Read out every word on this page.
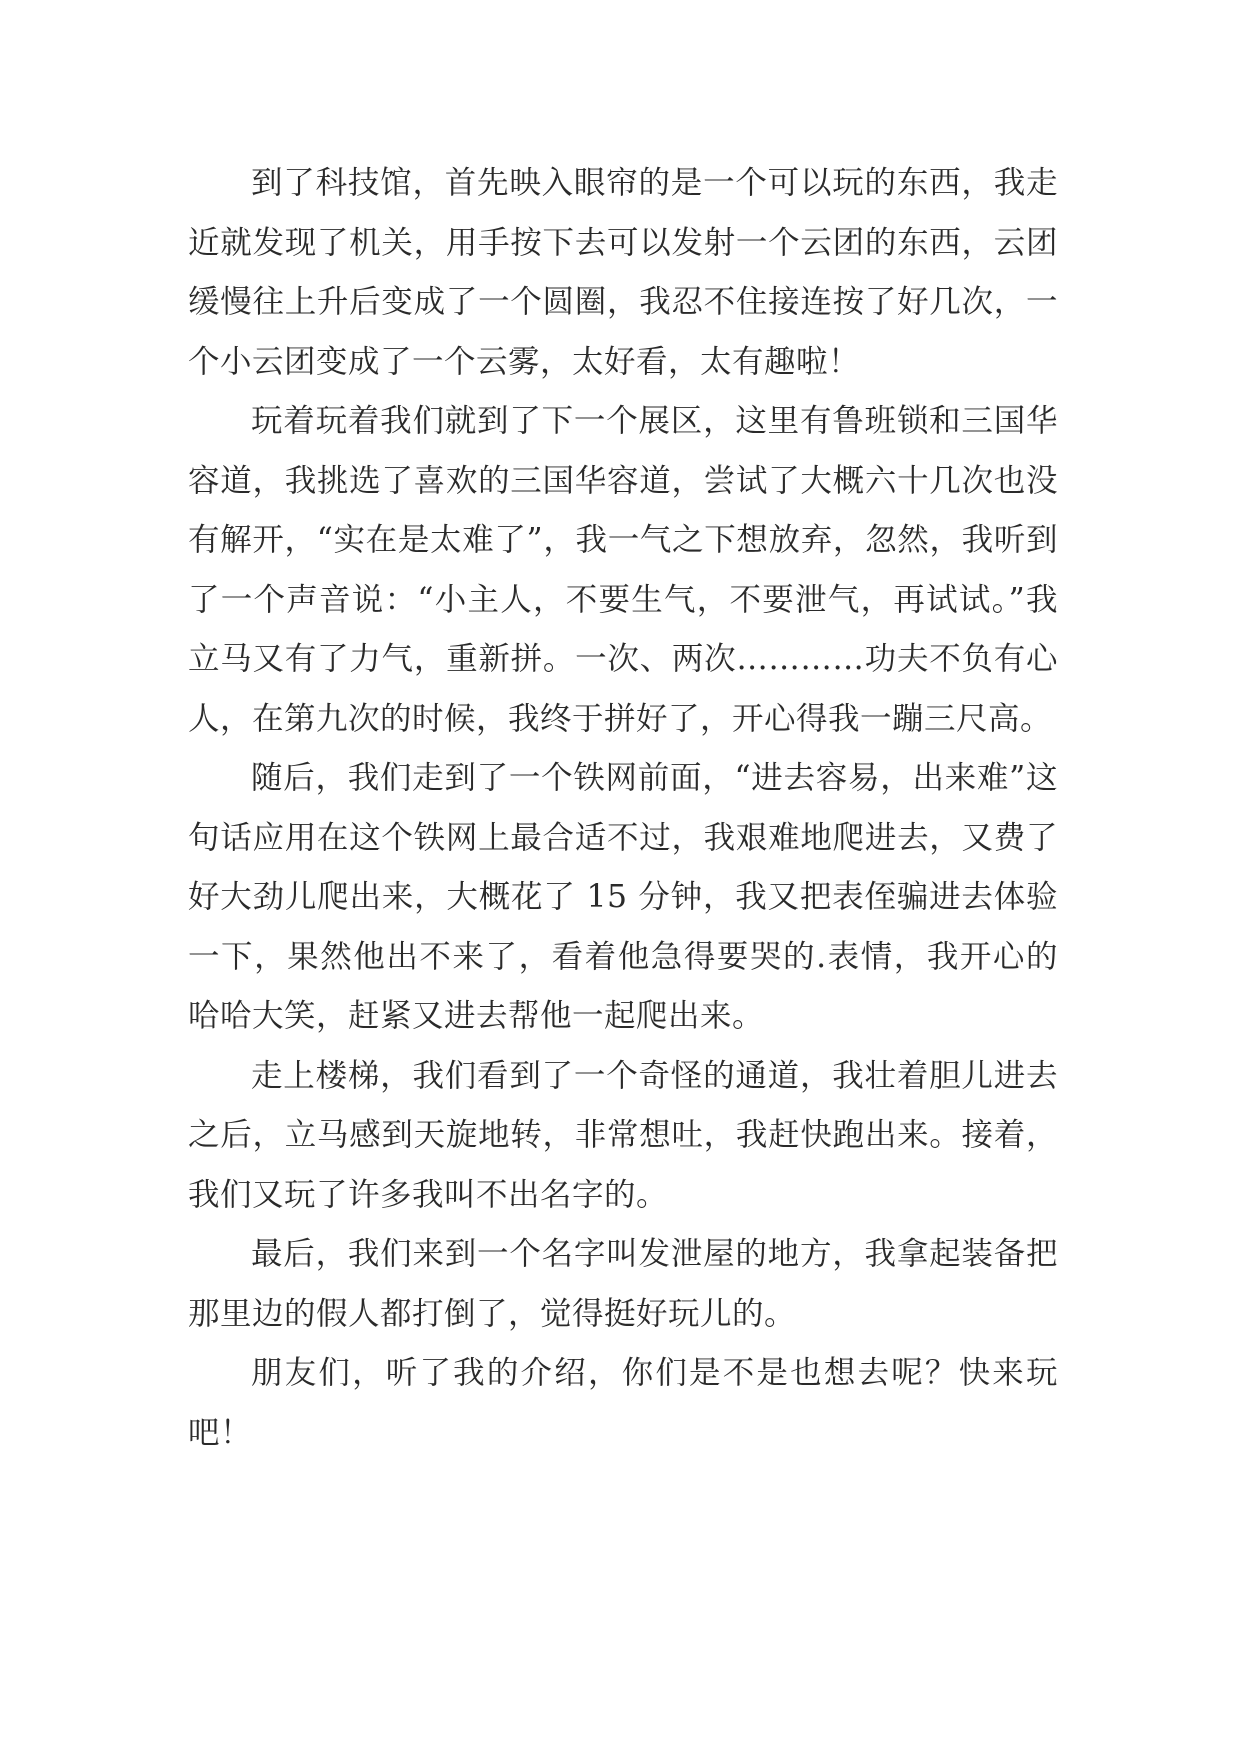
到了科技馆，首先映入眼帘的是一个可以玩的东西，我走近就发现了机关，用手按下去可以发射一个云团的东西，云团缓慢往上升后变成了一个圆圈，我忍不住接连按了好几次，一个小云团变成了一个云雾，太好看，太有趣啦！

玩着玩着我们就到了下一个展区，这里有鲁班锁和三国华容道，我挑选了喜欢的三国华容道，尝试了大概六十几次也没有解开，“实在是太难了”，我一气之下想放弃，忽然，我听到了一个声音说：“小主人，不要生气，不要泄气，再试试。”我立马又有了力气，重新拼。一次、两次…………功夫不负有心人，在第九次的时候，我终于拼好了，开心得我一蹦三尺高。

随后，我们走到了一个铁网前面，“进去容易，出来难”这句话应用在这个铁网上最合适不过，我艰难地爬进去，又费了好大劲儿爬出来，大概花了 15 分钟，我又把表侄骗进去体验一下，果然他出不来了，看着他急得要哭的.表情，我开心的哈哈大笑，赶紧又进去帮他一起爬出来。

走上楼梯，我们看到了一个奇怪的通道，我壮着胆儿进去之后，立马感到天旋地转，非常想吐，我赶快跑出来。接着，我们又玩了许多我叫不出名字的。

最后，我们来到一个名字叫发泄屋的地方，我拿起装备把那里边的假人都打倒了，觉得挺好玩儿的。

朋友们，听了我的介绍，你们是不是也想去呢？快来玩吧！
